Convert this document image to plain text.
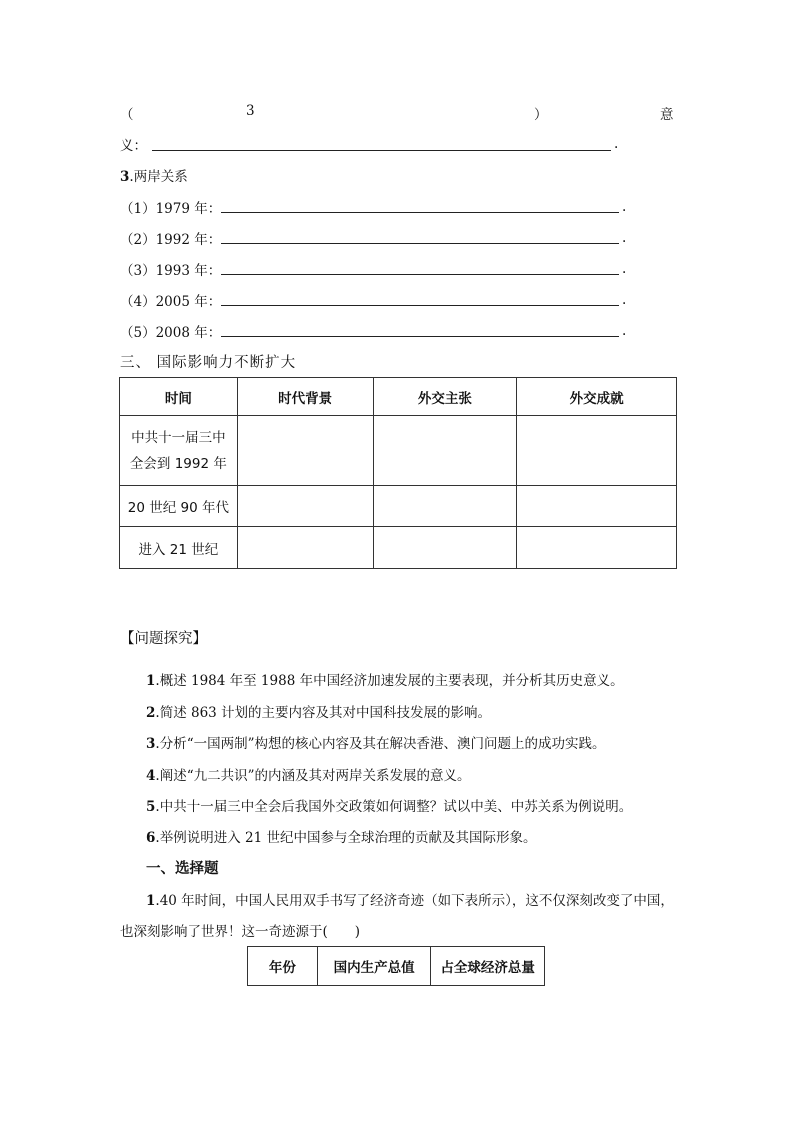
（	3	）	意
义：	.
3.两岸关系
（1）1979 年：	.
（2）1992 年：	.
（3）1993 年：	.
（4）2005 年：	.
（5）2008 年：	.
三、 国际影响力不断扩大
时间	时代背景	外交主张	外交成就

中共十一届三中
全会到 1992 年			

20 世纪 90 年代			

进入 21 世纪			

【问题探究】
1.概述 1984 年至 1988 年中国经济加速发展的主要表现，并分析其历史意义。
2.简述 863 计划的主要内容及其对中国科技发展的影响。
3.分析“一国两制”构想的核心内容及其在解决香港、澳门问题上的成功实践。
4.阐述“九二共识”的内涵及其对两岸关系发展的意义。
5.中共十一届三中全会后我国外交政策如何调整？试以中美、中苏关系为例说明。
6.举例说明进入 21 世纪中国参与全球治理的贡献及其国际形象。
一、选择题
1.40 年时间，中国人民用双手书写了经济奇迹（如下表所示），这不仅深刻改变了中国，
也深刻影响了世界！这一奇迹源于(　　)
年份	国内生产总值	占全球经济总量
